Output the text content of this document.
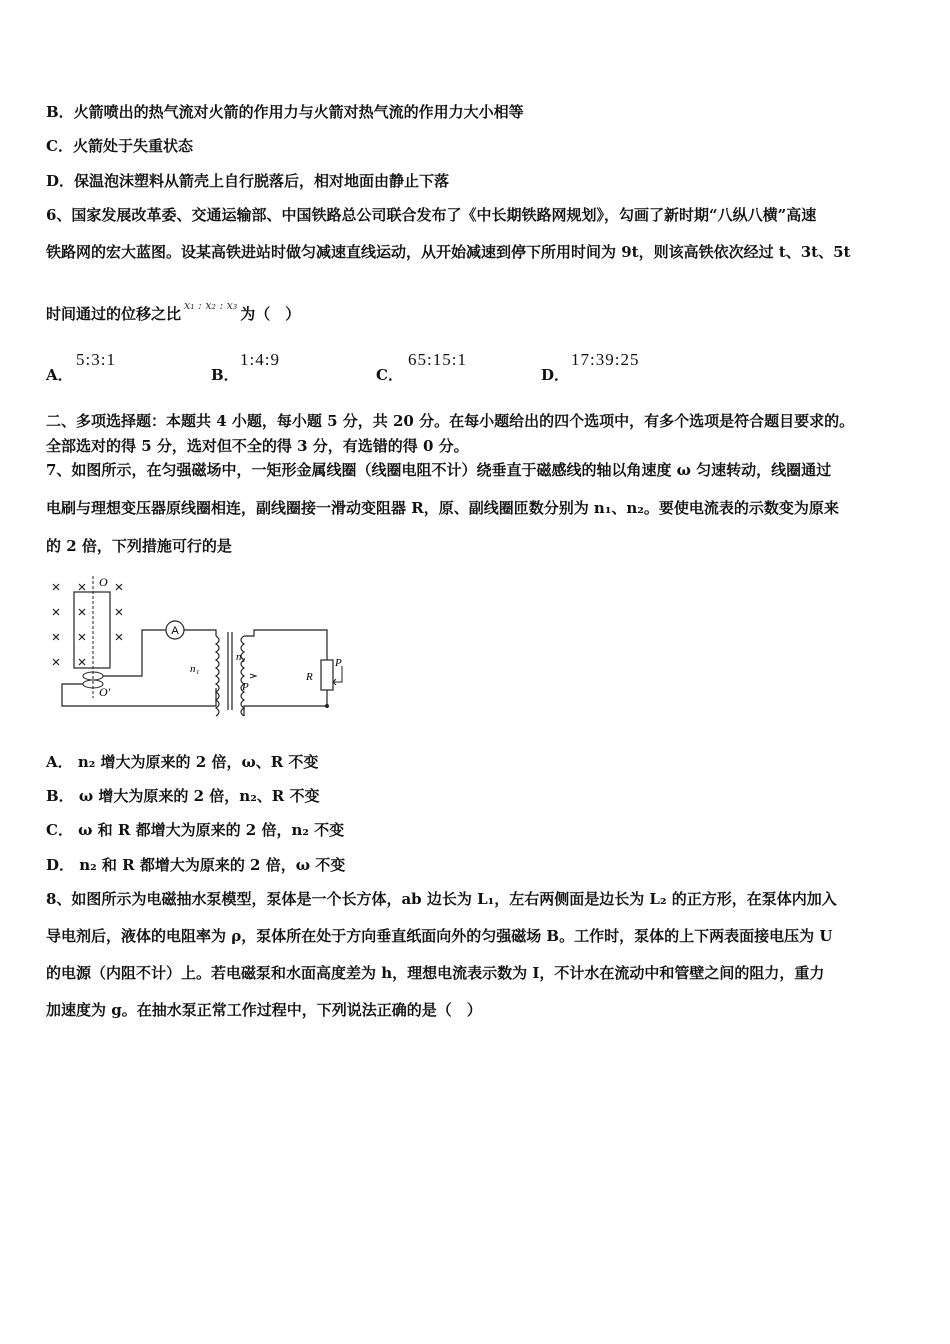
B．火箭喷出的热气流对火箭的作用力与火箭对热气流的作用力大小相等
C．火箭处于失重状态
D．保温泡沫塑料从箭壳上自行脱落后，相对地面由静止下落
6、国家发展改革委、交通运输部、中国铁路总公司联合发布了《中长期铁路网规划》，勾画了新时期“八纵八横”高速
铁路网的宏大蓝图。设某高铁进站时做匀减速直线运动，从开始减速到停下所用时间为 9t，则该高铁依次经过 t、3t、5t
时间通过的位移之比 $^{x_1 : x_2 : x_3}$ 为（　）
A．
5:3:1
B．
1:4:9
C．
65:15:1
D．
17:39:25
二、多项选择题：本题共 4 小题，每小题 5 分，共 20 分。在每小题给出的四个选项中，有多个选项是符合题目要求的。
全部选对的得 5 分，选对但不全的得 3 分，有选错的得 0 分。
7、如图所示，在匀强磁场中，一矩形金属线圈（线圈电阻不计）绕垂直于磁感线的轴以角速度 ω 匀速转动，线圈通过
电刷与理想变压器原线圈相连，副线圈接一滑动变阻器 R，原、副线圈匝数分别为 n₁、n₂。要使电流表的示数变为原来
的 2 倍，下列措施可行的是
O
O′
A
n₁
n₂
P
R
P
A． n₂ 增大为原来的 2 倍，ω、R 不变
B． ω 增大为原来的 2 倍，n₂、R 不变
C． ω 和 R 都增大为原来的 2 倍，n₂ 不变
D． n₂ 和 R 都增大为原来的 2 倍，ω 不变
8、如图所示为电磁抽水泵模型，泵体是一个长方体，ab 边长为 L₁，左右两侧面是边长为 L₂ 的正方形，在泵体内加入
导电剂后，液体的电阻率为 ρ，泵体所在处于方向垂直纸面向外的匀强磁场 B。工作时，泵体的上下两表面接电压为 U
的电源（内阻不计）上。若电磁泵和水面高度差为 h，理想电流表示数为 I，不计水在流动中和管壁之间的阻力，重力
加速度为 g。在抽水泵正常工作过程中，下列说法正确的是（　）
